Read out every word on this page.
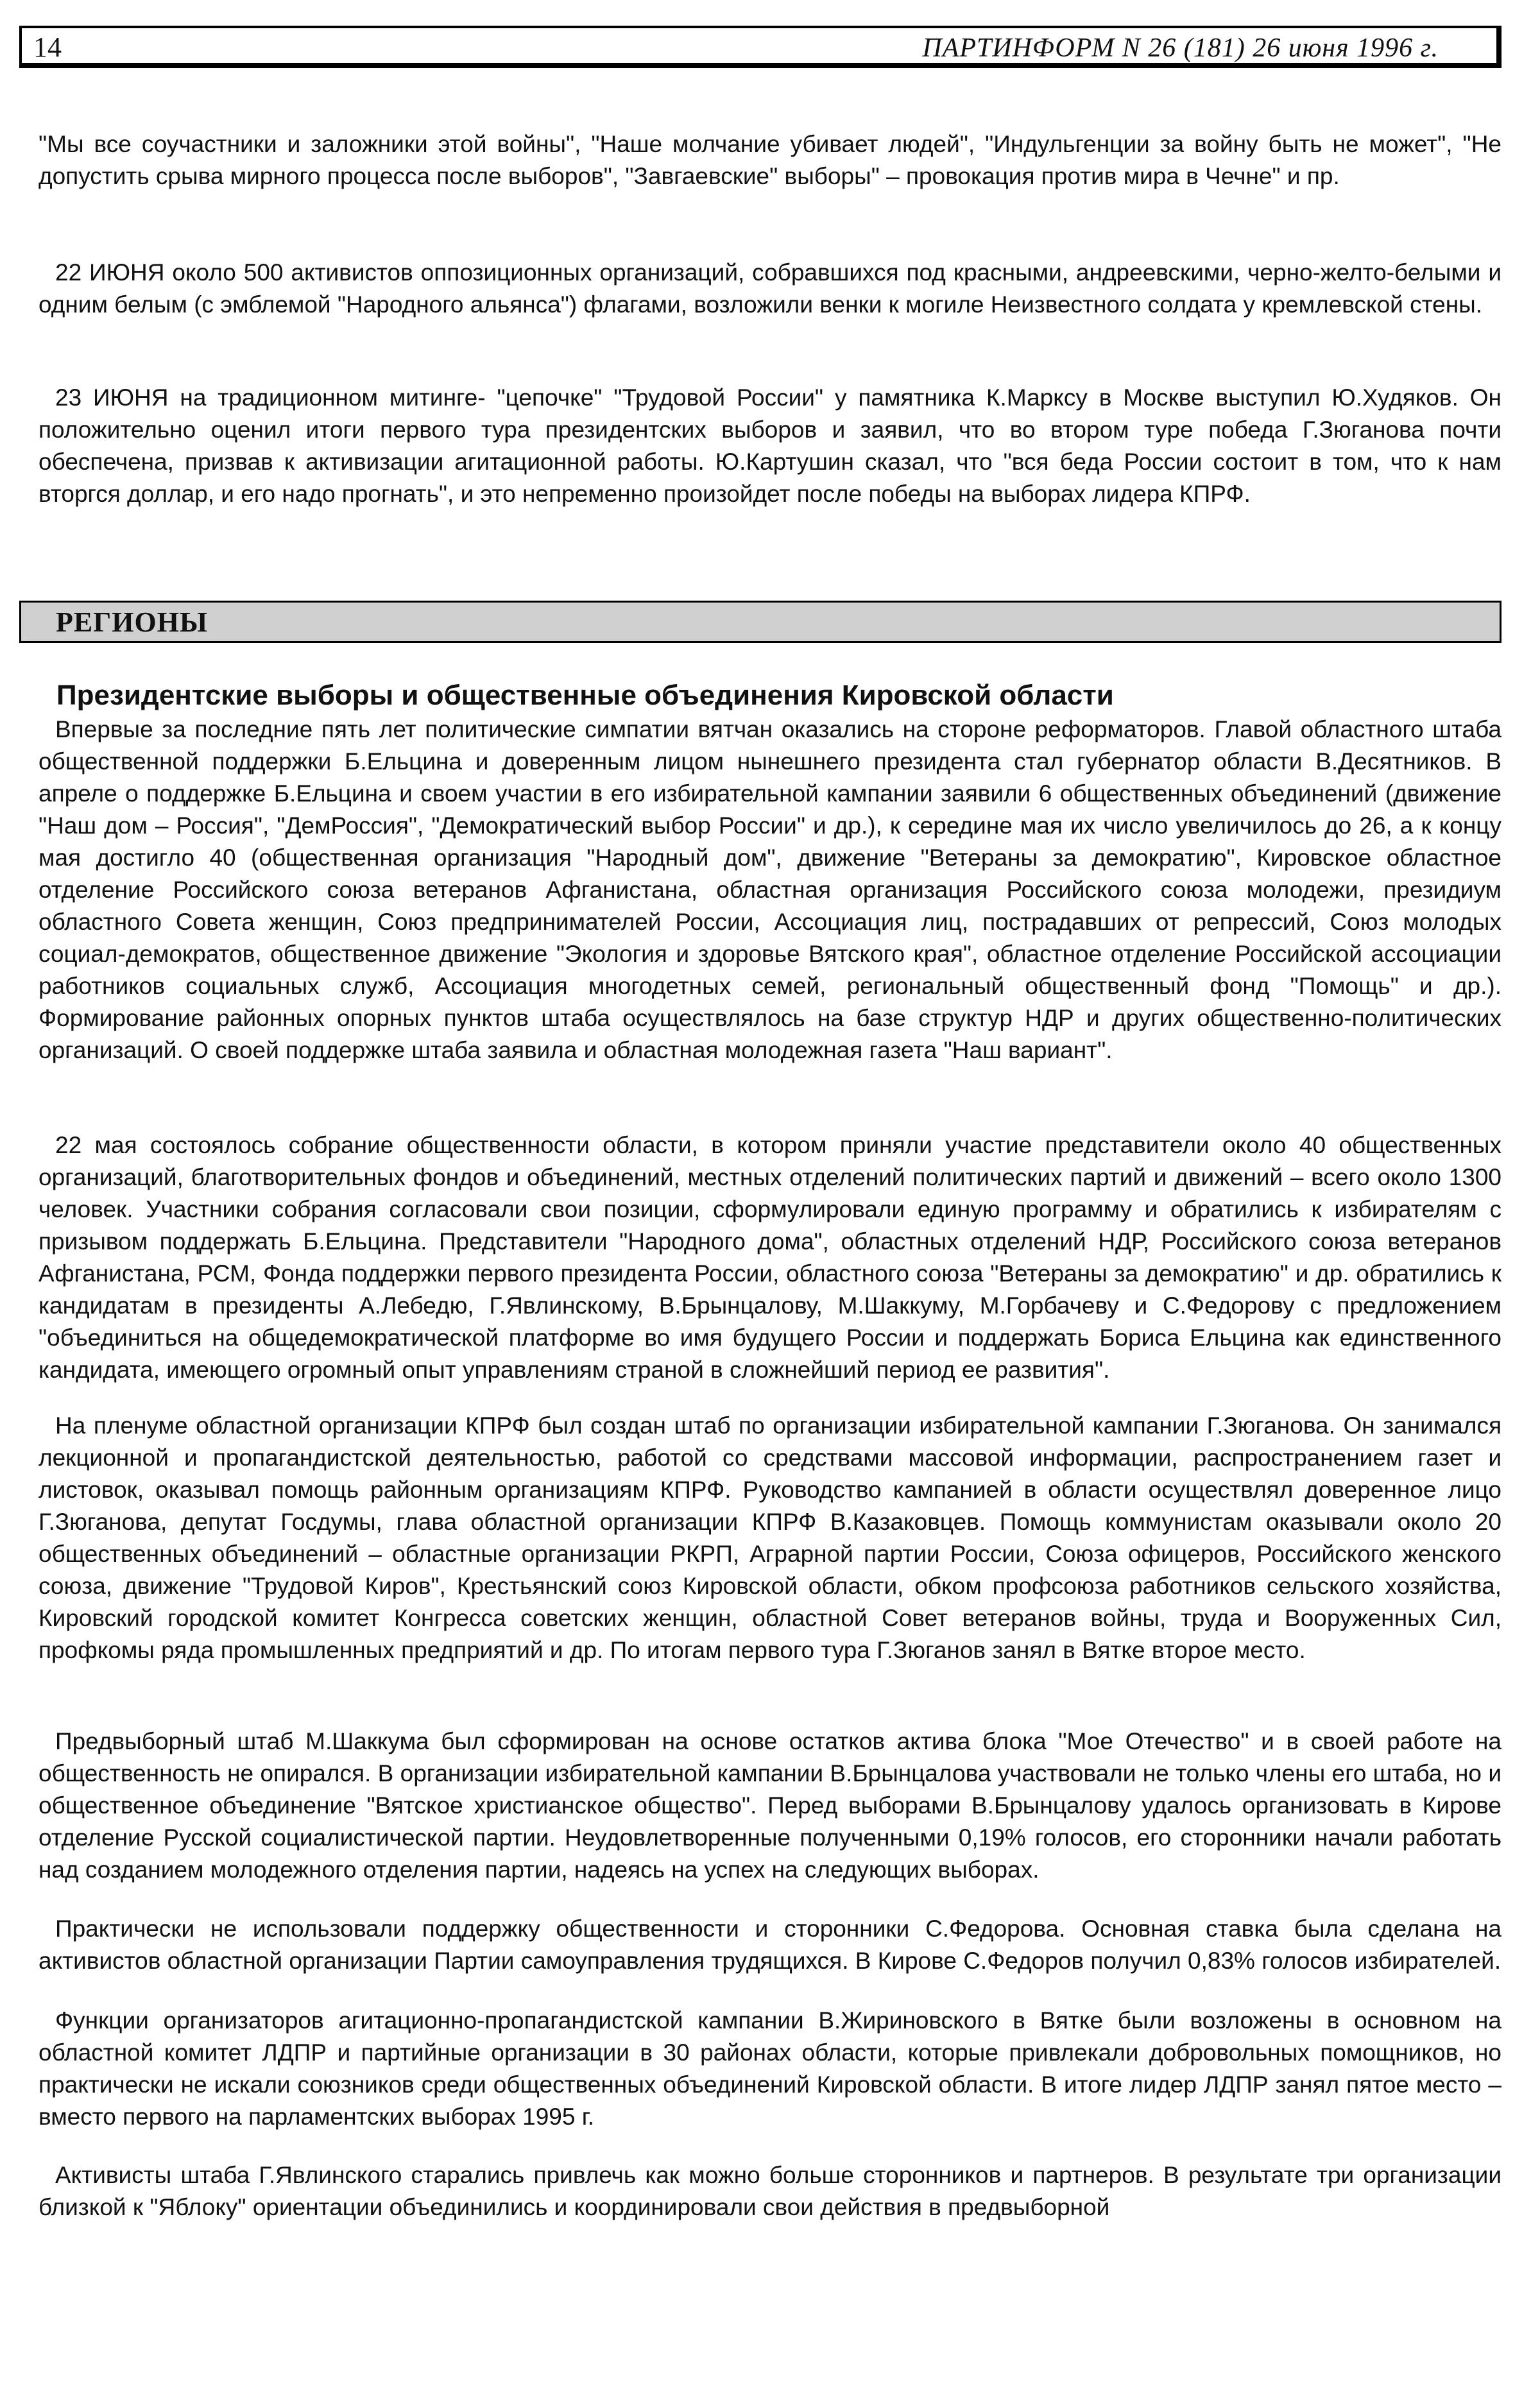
14	ПАРТИНФОРМ N 26 (181) 26 июня 1996 г.

"Мы все соучастники и заложники этой войны", "Наше молчание убивает людей", "Индульгенции за войну быть не может", "Не допустить срыва мирного процесса после выборов", "Завгаевские" выборы" – провокация против мира в Чечне" и пр.

22 ИЮНЯ около 500 активистов оппозиционных организаций, собравшихся под красными, андреевскими, черно-желто-белыми и одним белым (с эмблемой "Народного альянса") флагами, возложили венки к могиле Неизвестного солдата у кремлевской стены.

23 ИЮНЯ на традиционном митинге- "цепочке" "Трудовой России" у памятника К.Марксу в Москве выступил Ю.Худяков. Он положительно оценил итоги первого тура президентских выборов и заявил, что во втором туре победа Г.Зюганова почти обеспечена, призвав к активизации агитационной работы. Ю.Картушин сказал, что "вся беда России состоит в том, что к нам вторгся доллар, и его надо прогнать", и это непременно произойдет после победы на выборах лидера КПРФ.

РЕГИОНЫ
Президентские выборы и общественные объединения Кировской области

Впервые за последние пять лет политические симпатии вятчан оказались на стороне реформаторов. Главой областного штаба общественной поддержки Б.Ельцина и доверенным лицом нынешнего президента стал губернатор области В.Десятников. В апреле о поддержке Б.Ельцина и своем участии в его избирательной кампании заявили 6 общественных объединений (движение "Наш дом – Россия", "ДемРоссия", "Демократический выбор России" и др.), к середине мая их число увеличилось до 26, а к концу мая достигло 40 (общественная организация "Народный дом", движение "Ветераны за демократию", Кировское областное отделение Российского союза ветеранов Афганистана, областная организация Российского союза молодежи, президиум областного Совета женщин, Союз предпринимателей России, Ассоциация лиц, пострадавших от репрессий, Союз молодых социал-демократов, общественное движение "Экология и здоровье Вятского края", областное отделение Российской ассоциации работников социальных служб, Ассоциация многодетных семей, региональный общественный фонд "Помощь" и др.). Формирование районных опорных пунктов штаба осуществлялось на базе структур НДР и других общественно-политических организаций. О своей поддержке штаба заявила и областная молодежная газета "Наш вариант".

22 мая состоялось собрание общественности области, в котором приняли участие представители около 40 общественных организаций, благотворительных фондов и объединений, местных отделений политических партий и движений – всего около 1300 человек. Участники собрания согласовали свои позиции, сформулировали единую программу и обратились к избирателям с призывом поддержать Б.Ельцина. Представители "Народного дома", областных отделений НДР, Российского союза ветеранов Афганистана, РСМ, Фонда поддержки первого президента России, областного союза "Ветераны за демократию" и др. обратились к кандидатам в президенты А.Лебедю, Г.Явлинскому, В.Брынцалову, М.Шаккуму, М.Горбачеву и С.Федорову с предложением "объединиться на общедемократической платформе во имя будущего России и поддержать Бориса Ельцина как единственного кандидата, имеющего огромный опыт управлениям страной в сложнейший период ее развития".

На пленуме областной организации КПРФ был создан штаб по организации избирательной кампании Г.Зюганова. Он занимался лекционной и пропагандистской деятельностью, работой со средствами массовой информации, распространением газет и листовок, оказывал помощь районным организациям КПРФ. Руководство кампанией в области осуществлял доверенное лицо Г.Зюганова, депутат Госдумы, глава областной организации КПРФ В.Казаковцев. Помощь коммунистам оказывали около 20 общественных объединений – областные организации РКРП, Аграрной партии России, Союза офицеров, Российского женского союза, движение "Трудовой Киров", Крестьянский союз Кировской области, обком профсоюза работников сельского хозяйства, Кировский городской комитет Конгресса советских женщин, областной Совет ветеранов войны, труда и Вооруженных Сил, профкомы ряда промышленных предприятий и др. По итогам первого тура Г.Зюганов занял в Вятке второе место.

Предвыборный штаб М.Шаккума был сформирован на основе остатков актива блока "Мое Отечество" и в своей работе на общественность не опирался. В организации избирательной кампании В.Брынцалова участвовали не только члены его штаба, но и общественное объединение "Вятское христианское общество". Перед выборами В.Брынцалову удалось организовать в Кирове отделение Русской социалистической партии. Неудовлетворенные полученными 0,19% голосов, его сторонники начали работать над созданием молодежного отделения партии, надеясь на успех на следующих выборах.

Практически не использовали поддержку общественности и сторонники С.Федорова. Основная ставка была сделана на активистов областной организации Партии самоуправления трудящихся. В Кирове С.Федоров получил 0,83% голосов избирателей.

Функции организаторов агитационно-пропагандистской кампании В.Жириновского в Вятке были возложены в основном на областной комитет ЛДПР и партийные организации в 30 районах области, которые привлекали добровольных помощников, но практически не искали союзников среди общественных объединений Кировской области. В итоге лидер ЛДПР занял пятое место – вместо первого на парламентских выборах 1995 г.

Активисты штаба Г.Явлинского старались привлечь как можно больше сторонников и партнеров. В результате три организации близкой к "Яблоку" ориентации объединились и координировали свои действия в предвыборной
